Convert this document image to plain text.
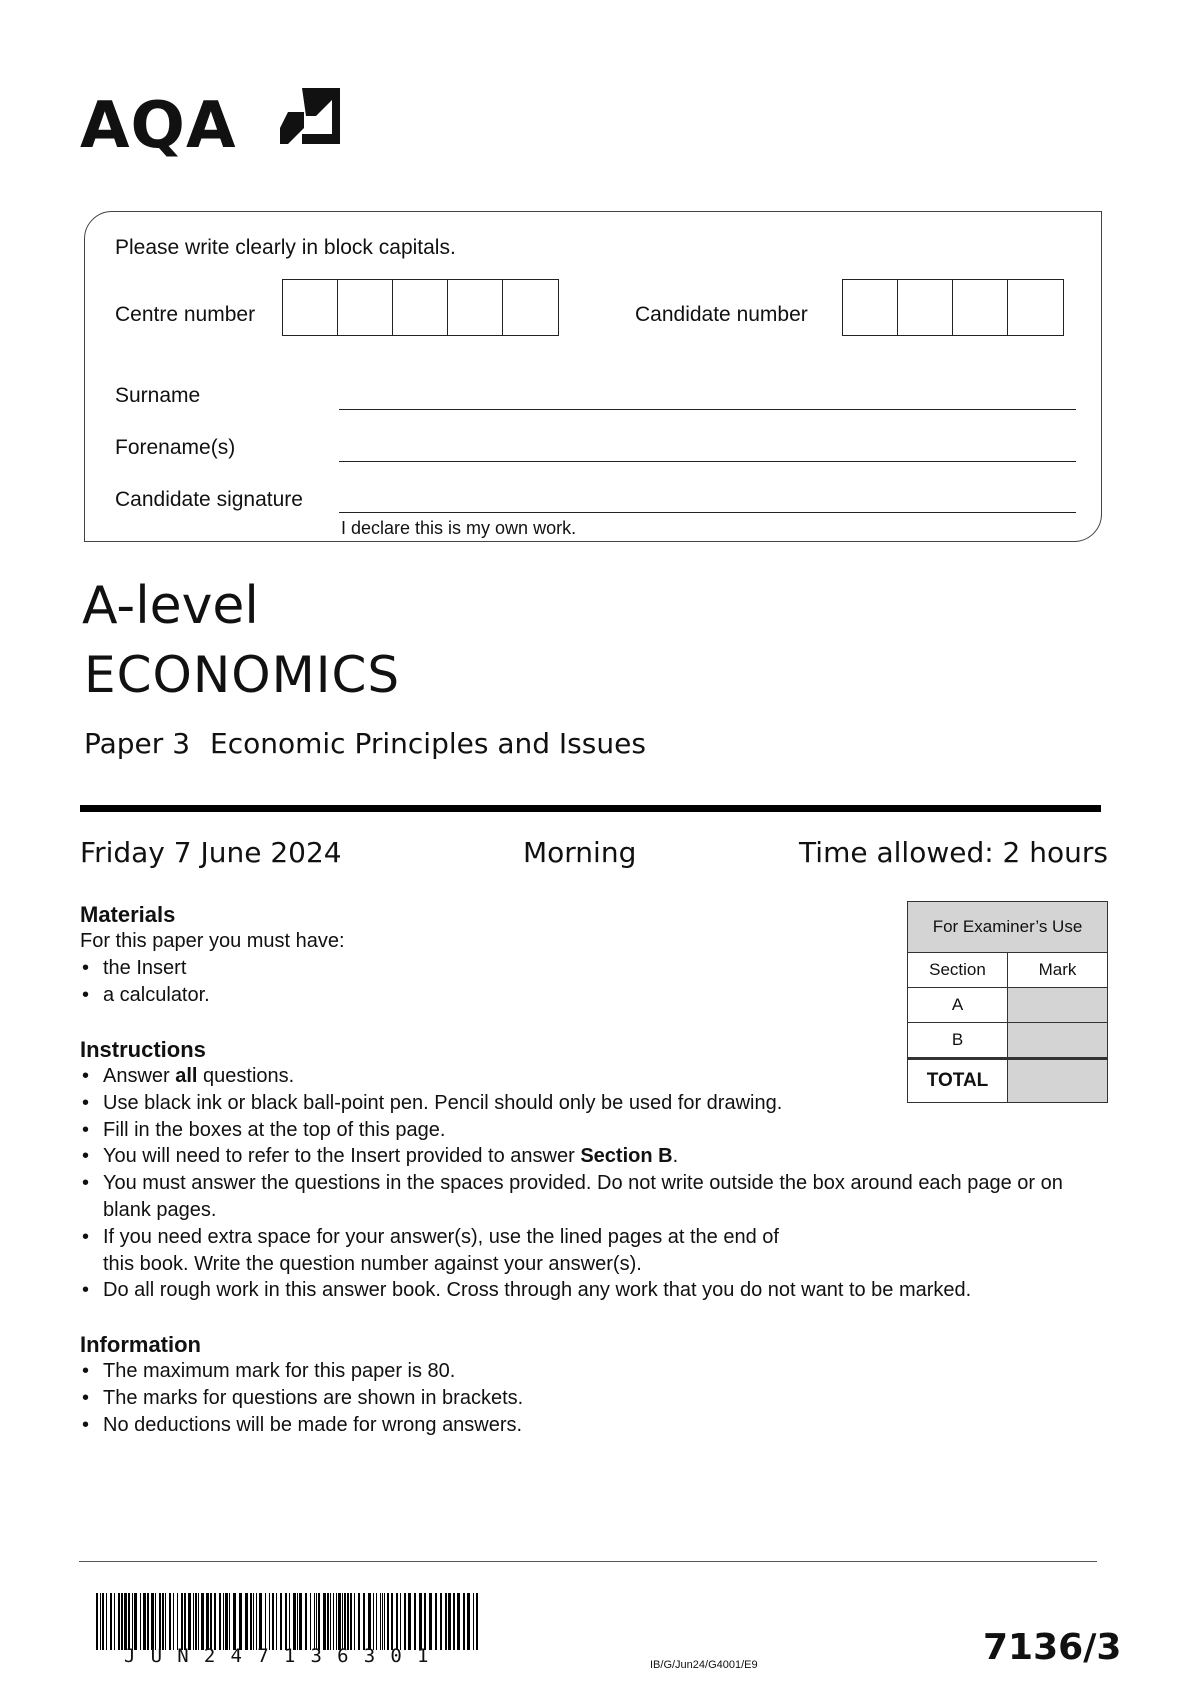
AQA
Please write clearly in block capitals.
Centre number	Candidate number
Surname
Forename(s)
Candidate signature
I declare this is my own work.
A-level
ECONOMICS
Paper 3 Economic Principles and Issues
Friday 7 June 2024	Morning	Time allowed: 2 hours
Materials
For this paper you must have:
• the Insert
• a calculator.
Instructions
• Answer all questions.
• Use black ink or black ball-point pen. Pencil should only be used for drawing.
• Fill in the boxes at the top of this page.
• You will need to refer to the Insert provided to answer Section B.
• You must answer the questions in the spaces provided. Do not write outside the box around each page or on blank pages.
• If you need extra space for your answer(s), use the lined pages at the end of
this book. Write the question number against your answer(s).
• Do all rough work in this answer book. Cross through any work that you do not want to be marked.
Information
• The maximum mark for this paper is 80.
• The marks for questions are shown in brackets.
• No deductions will be made for wrong answers.
For Examiner’s Use
Section	Mark
A
B
TOTAL
JUN247136301	IB/G/Jun24/G4001/E9	7136/3
